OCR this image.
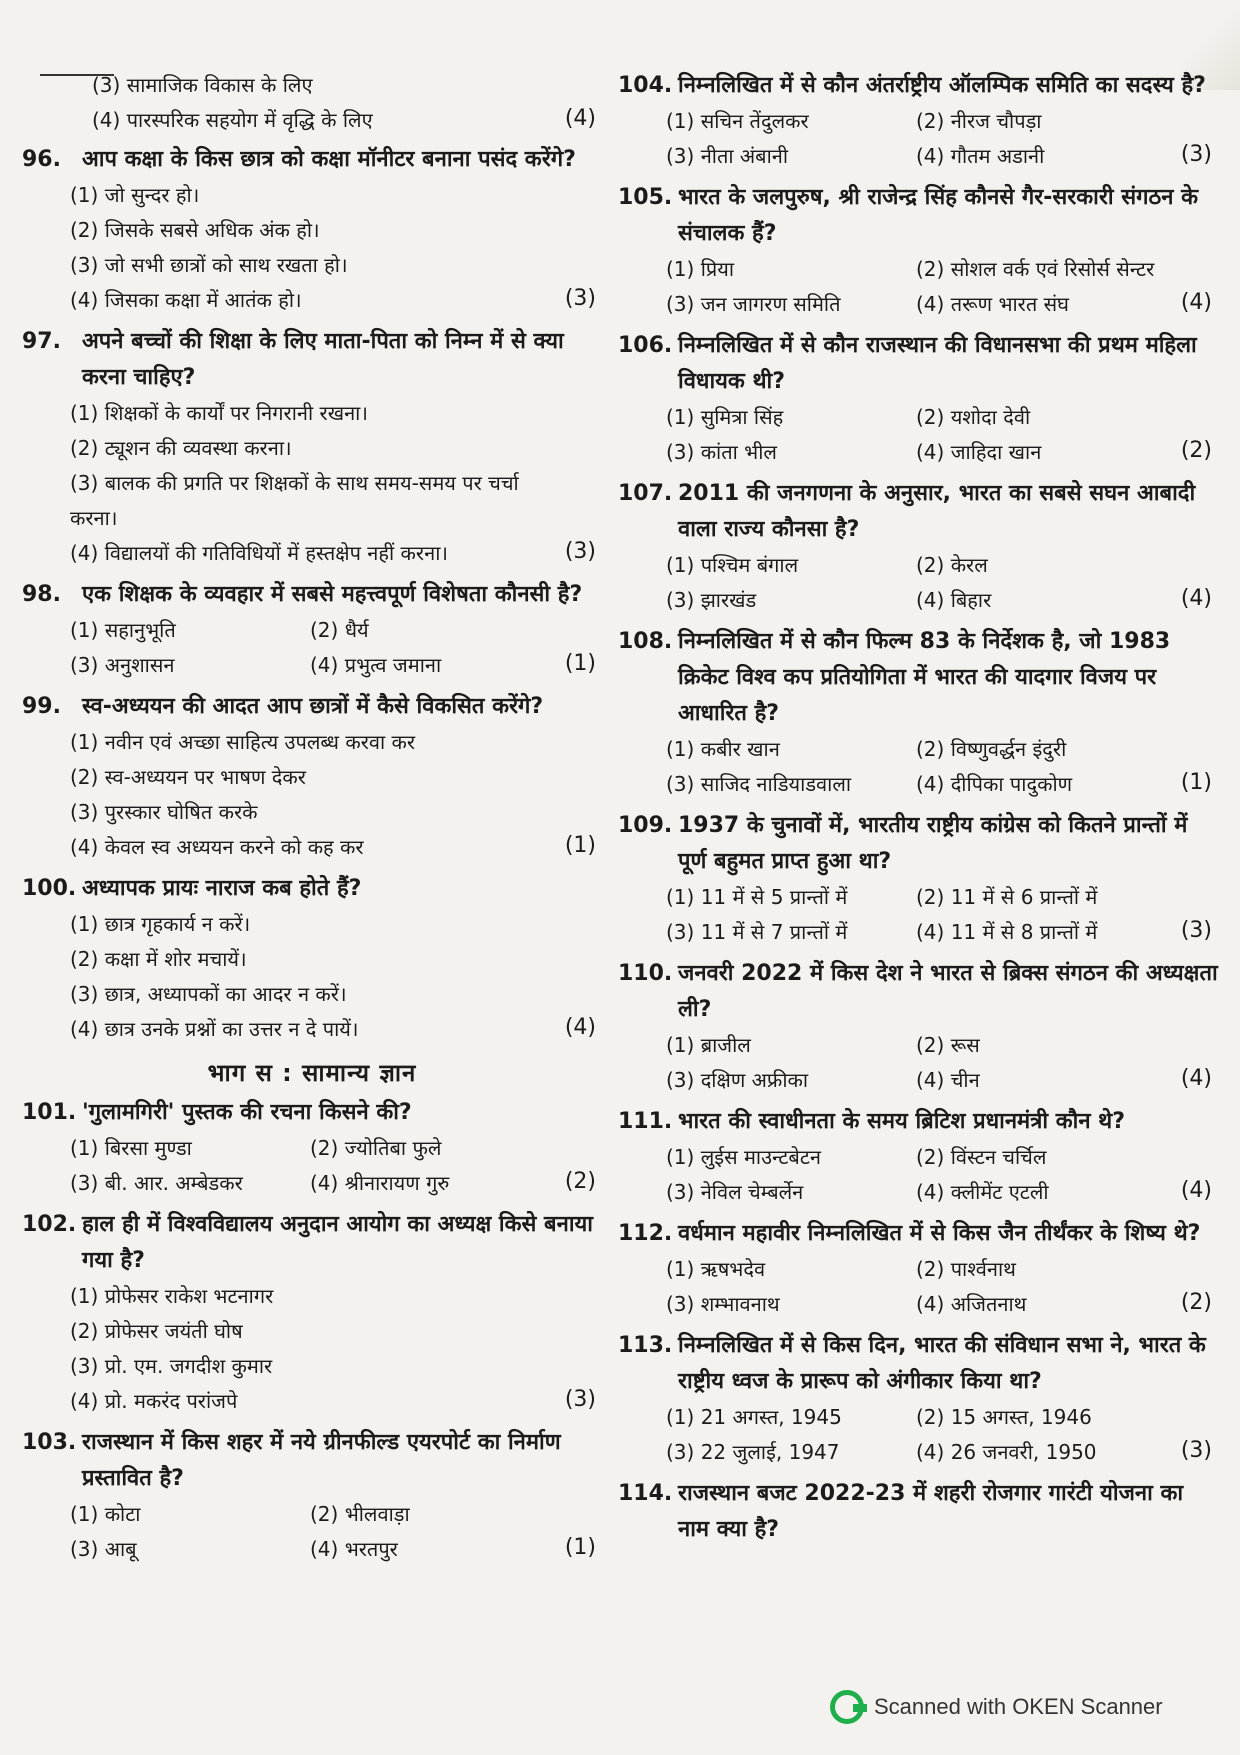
(3) सामाजिक विकास के लिए
(4) पारस्परिक सहयोग में वृद्धि के लिए	(4)
96. आप कक्षा के किस छात्र को कक्षा मॉनीटर बनाना पसंद करेंगे?
(1) जो सुन्दर हो।
(2) जिसके सबसे अधिक अंक हो।
(3) जो सभी छात्रों को साथ रखता हो।
(4) जिसका कक्षा में आतंक हो।	(3)
97. अपने बच्चों की शिक्षा के लिए माता-पिता को निम्न में से क्या करना चाहिए?
(1) शिक्षकों के कार्यों पर निगरानी रखना।
(2) ट्यूशन की व्यवस्था करना।
(3) बालक की प्रगति पर शिक्षकों के साथ समय-समय पर चर्चा करना।
(4) विद्यालयों की गतिविधियों में हस्तक्षेप नहीं करना।	(3)
98. एक शिक्षक के व्यवहार में सबसे महत्त्वपूर्ण विशेषता कौनसी है?
(1) सहानुभूति	(2) धैर्य
(3) अनुशासन	(4) प्रभुत्व जमाना	(1)
99. स्व-अध्ययन की आदत आप छात्रों में कैसे विकसित करेंगे?
(1) नवीन एवं अच्छा साहित्य उपलब्ध करवा कर
(2) स्व-अध्ययन पर भाषण देकर
(3) पुरस्कार घोषित करके
(4) केवल स्व अध्ययन करने को कह कर	(1)
100. अध्यापक प्रायः नाराज कब होते हैं?
(1) छात्र गृहकार्य न करें।
(2) कक्षा में शोर मचायें।
(3) छात्र, अध्यापकों का आदर न करें।
(4) छात्र उनके प्रश्नों का उत्तर न दे पायें।	(4)
भाग स : सामान्य ज्ञान
101. 'गुलामगिरी' पुस्तक की रचना किसने की?
(1) बिरसा मुण्डा	(2) ज्योतिबा फुले
(3) बी. आर. अम्बेडकर	(4) श्रीनारायण गुरु	(2)
102. हाल ही में विश्वविद्यालय अनुदान आयोग का अध्यक्ष किसे बनाया गया है?
(1) प्रोफेसर राकेश भटनागर
(2) प्रोफेसर जयंती घोष
(3) प्रो. एम. जगदीश कुमार
(4) प्रो. मकरंद परांजपे	(3)
103. राजस्थान में किस शहर में नये ग्रीनफील्ड एयरपोर्ट का निर्माण प्रस्तावित है?
(1) कोटा	(2) भीलवाड़ा
(3) आबू	(4) भरतपुर	(1)
104. निम्नलिखित में से कौन अंतर्राष्ट्रीय ऑलम्पिक समिति का सदस्य है?
(1) सचिन तेंदुलकर	(2) नीरज चौपड़ा
(3) नीता अंबानी	(4) गौतम अडानी	(3)
105. भारत के जलपुरुष, श्री राजेन्द्र सिंह कौनसे गैर-सरकारी संगठन के संचालक हैं?
(1) प्रिया	(2) सोशल वर्क एवं रिसोर्स सेन्टर
(3) जन जागरण समिति	(4) तरूण भारत संघ	(4)
106. निम्नलिखित में से कौन राजस्थान की विधानसभा की प्रथम महिला विधायक थी?
(1) सुमित्रा सिंह	(2) यशोदा देवी
(3) कांता भील	(4) जाहिदा खान	(2)
107. 2011 की जनगणना के अनुसार, भारत का सबसे सघन आबादी वाला राज्य कौनसा है?
(1) पश्चिम बंगाल	(2) केरल
(3) झारखंड	(4) बिहार	(4)
108. निम्नलिखित में से कौन फिल्म 83 के निर्देशक है, जो 1983 क्रिकेट विश्व कप प्रतियोगिता में भारत की यादगार विजय पर आधारित है?
(1) कबीर खान	(2) विष्णुवर्द्धन इंदुरी
(3) साजिद नाडियाडवाला	(4) दीपिका पादुकोण	(1)
109. 1937 के चुनावों में, भारतीय राष्ट्रीय कांग्रेस को कितने प्रान्तों में पूर्ण बहुमत प्राप्त हुआ था?
(1) 11 में से 5 प्रान्तों में	(2) 11 में से 6 प्रान्तों में
(3) 11 में से 7 प्रान्तों में	(4) 11 में से 8 प्रान्तों में	(3)
110. जनवरी 2022 में किस देश ने भारत से ब्रिक्स संगठन की अध्यक्षता ली?
(1) ब्राजील	(2) रूस
(3) दक्षिण अफ्रीका	(4) चीन	(4)
111. भारत की स्वाधीनता के समय ब्रिटिश प्रधानमंत्री कौन थे?
(1) लुईस माउन्टबेटन	(2) विंस्टन चर्चिल
(3) नेविल चेम्बर्लेन	(4) क्लीमेंट एटली	(4)
112. वर्धमान महावीर निम्नलिखित में से किस जैन तीर्थंकर के शिष्य थे?
(1) ऋषभदेव	(2) पार्श्वनाथ
(3) शम्भावनाथ	(4) अजितनाथ	(2)
113. निम्नलिखित में से किस दिन, भारत की संविधान सभा ने, भारत के राष्ट्रीय ध्वज के प्रारूप को अंगीकार किया था?
(1) 21 अगस्त, 1945	(2) 15 अगस्त, 1946
(3) 22 जुलाई, 1947	(4) 26 जनवरी, 1950	(3)
114. राजस्थान बजट 2022-23 में शहरी रोजगार गारंटी योजना का नाम क्या है?
Scanned with OKEN Scanner
